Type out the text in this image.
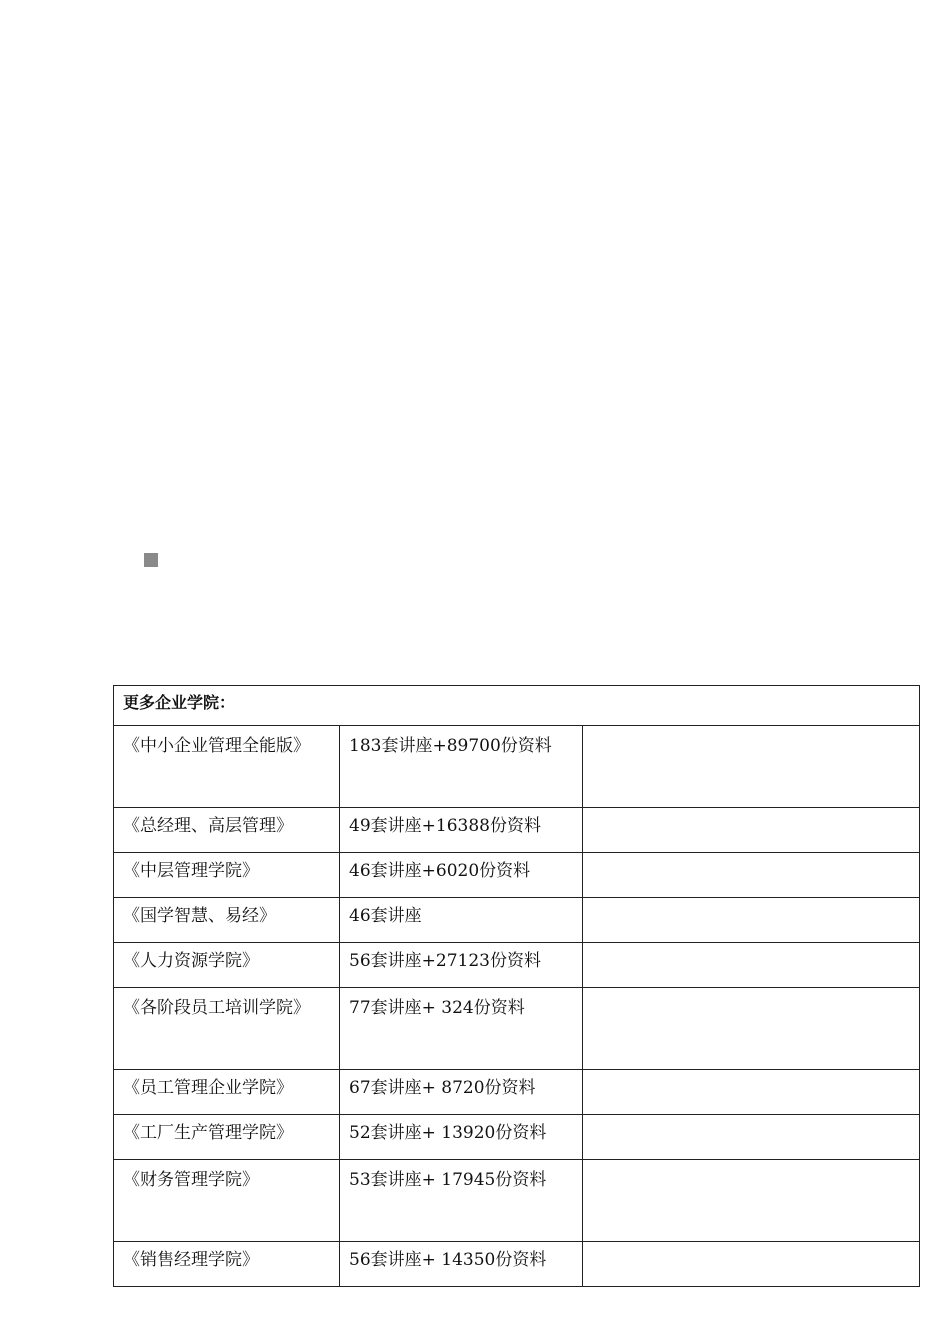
更多企业学院：		
《中小企业管理全能版》	183套讲座+89700份资料	
《总经理、高层管理》	49套讲座+16388份资料	
《中层管理学院》	46套讲座+6020份资料	
《国学智慧、易经》	46套讲座	
《人力资源学院》	56套讲座+27123份资料	
《各阶段员工培训学院》	77套讲座+ 324份资料	
《员工管理企业学院》	67套讲座+ 8720份资料	
《工厂生产管理学院》	52套讲座+ 13920份资料	
《财务管理学院》	53套讲座+ 17945份资料	
《销售经理学院》	56套讲座+ 14350份资料	
